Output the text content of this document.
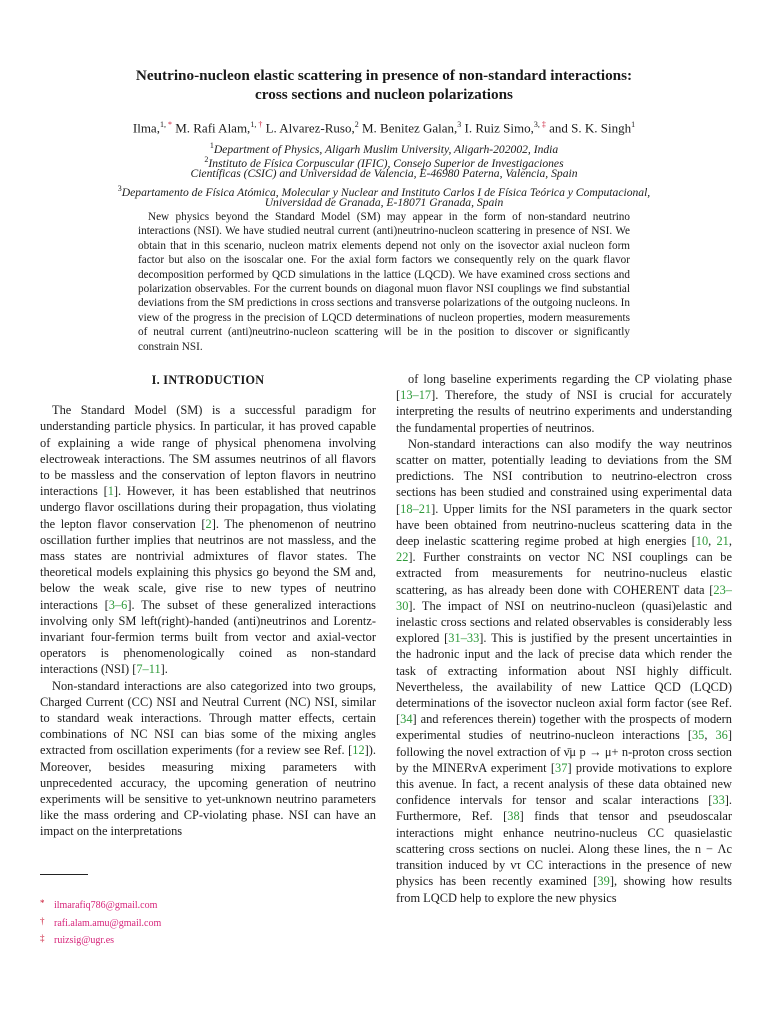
Neutrino-nucleon elastic scattering in presence of non-standard interactions:
cross sections and nucleon polarizations
Ilma,$^{1, *}$ M. Rafi Alam,$^{1, \dagger}$ L. Alvarez-Ruso,$^2$ M. Benitez Galan,$^3$ I. Ruiz Simo,$^{3, \ddagger}$ and S. K. Singh$^1$
$^1$Department of Physics, Aligarh Muslim University, Aligarh-202002, India
$^2$Instituto de Física Corpuscular (IFIC), Consejo Superior de Investigaciones
Científicas (CSIC) and Universidad de Valencia, E-46980 Paterna, Valencia, Spain
$^3$Departamento de Física Atómica, Molecular y Nuclear and Instituto Carlos I de Física Teórica y Computacional,
Universidad de Granada, E-18071 Granada, Spain

New physics beyond the Standard Model (SM) may appear in the form of non-standard neutrino interactions (NSI). We have studied neutral current (anti)neutrino-nucleon scattering in presence of NSI. We obtain that in this scenario, nucleon matrix elements depend not only on the isovector axial nucleon form factor but also on the isoscalar one. For the axial form factors we consequently rely on the quark flavor decomposition performed by QCD simulations in the lattice (LQCD). We have examined cross sections and polarization observables. For the current bounds on diagonal muon flavor NSI couplings we find substantial deviations from the SM predictions in cross sections and transverse polarizations of the outgoing nucleons. In view of the progress in the precision of LQCD determinations of nucleon properties, modern measurements of neutral current (anti)neutrino-nucleon scattering will be in the position to discover or significantly constrain NSI.

I. INTRODUCTION

The Standard Model (SM) is a successful paradigm for understanding particle physics. In particular, it has proved capable of explaining a wide range of physical phenomena involving electroweak interactions. The SM assumes neutrinos of all flavors to be massless and the conservation of lepton flavors in neutrino interactions [1]. However, it has been established that neutrinos undergo flavor oscillations during their propagation, thus violating the lepton flavor conservation [2]. The phenomenon of neutrino oscillation further implies that neutrinos are not massless, and the mass states are nontrivial admixtures of flavor states. The theoretical models explaining this physics go beyond the SM and, below the weak scale, give rise to new types of neutrino interactions [3–6]. The subset of these generalized interactions involving only SM left(right)-handed (anti)neutrinos and Lorentz-invariant four-fermion terms built from vector and axial-vector operators is phenomenologically coined as non-standard interactions (NSI) [7–11].

Non-standard interactions are also categorized into two groups, Charged Current (CC) NSI and Neutral Current (NC) NSI, similar to standard weak interactions. Through matter effects, certain combinations of NC NSI can bias some of the mixing angles extracted from oscillation experiments (for a review see Ref. [12]). Moreover, besides measuring mixing parameters with unprecedented accuracy, the upcoming generation of neutrino experiments will be sensitive to yet-unknown neutrino parameters like the mass ordering and CP-violating phase. NSI can have an impact on the interpretations

of long baseline experiments regarding the CP violating phase [13–17]. Therefore, the study of NSI is crucial for accurately interpreting the results of neutrino experiments and understanding the fundamental properties of neutrinos.

Non-standard interactions can also modify the way neutrinos scatter on matter, potentially leading to deviations from the SM predictions. The NSI contribution to neutrino-electron cross sections has been studied and constrained using experimental data [18–21]. Upper limits for the NSI parameters in the quark sector have been obtained from neutrino-nucleus scattering data in the deep inelastic scattering regime probed at high energies [10, 21, 22]. Further constraints on vector NC NSI couplings can be extracted from measurements for neutrino-nucleus elastic scattering, as has already been done with COHERENT data [23–30]. The impact of NSI on neutrino-nucleon (quasi)elastic and inelastic cross sections and related observables is considerably less explored [31–33]. This is justified by the present uncertainties in the hadronic input and the lack of precise data which render the task of extracting information about NSI highly difficult. Nevertheless, the availability of new Lattice QCD (LQCD) determinations of the isovector nucleon axial form factor (see Ref. [34] and references therein) together with the prospects of modern experimental studies of neutrino-nucleon interactions [35, 36] following the novel extraction of ν̄μ p → μ+ n-proton cross section by the MINERvA experiment [37] provide motivations to explore this avenue. In fact, a recent analysis of these data obtained new confidence intervals for tensor and scalar interactions [33]. Furthermore, Ref. [38] finds that tensor and pseudoscalar interactions might enhance neutrino-nucleus CC quasielastic scattering cross sections on nuclei. Along these lines, the n − Λc transition induced by ντ CC interactions in the presence of new physics has been recently examined [39], showing how results from LQCD help to explore the new physics

* ilmarafiq786@gmail.com
† rafi.alam.amu@gmail.com
‡ ruizsig@ugr.es
